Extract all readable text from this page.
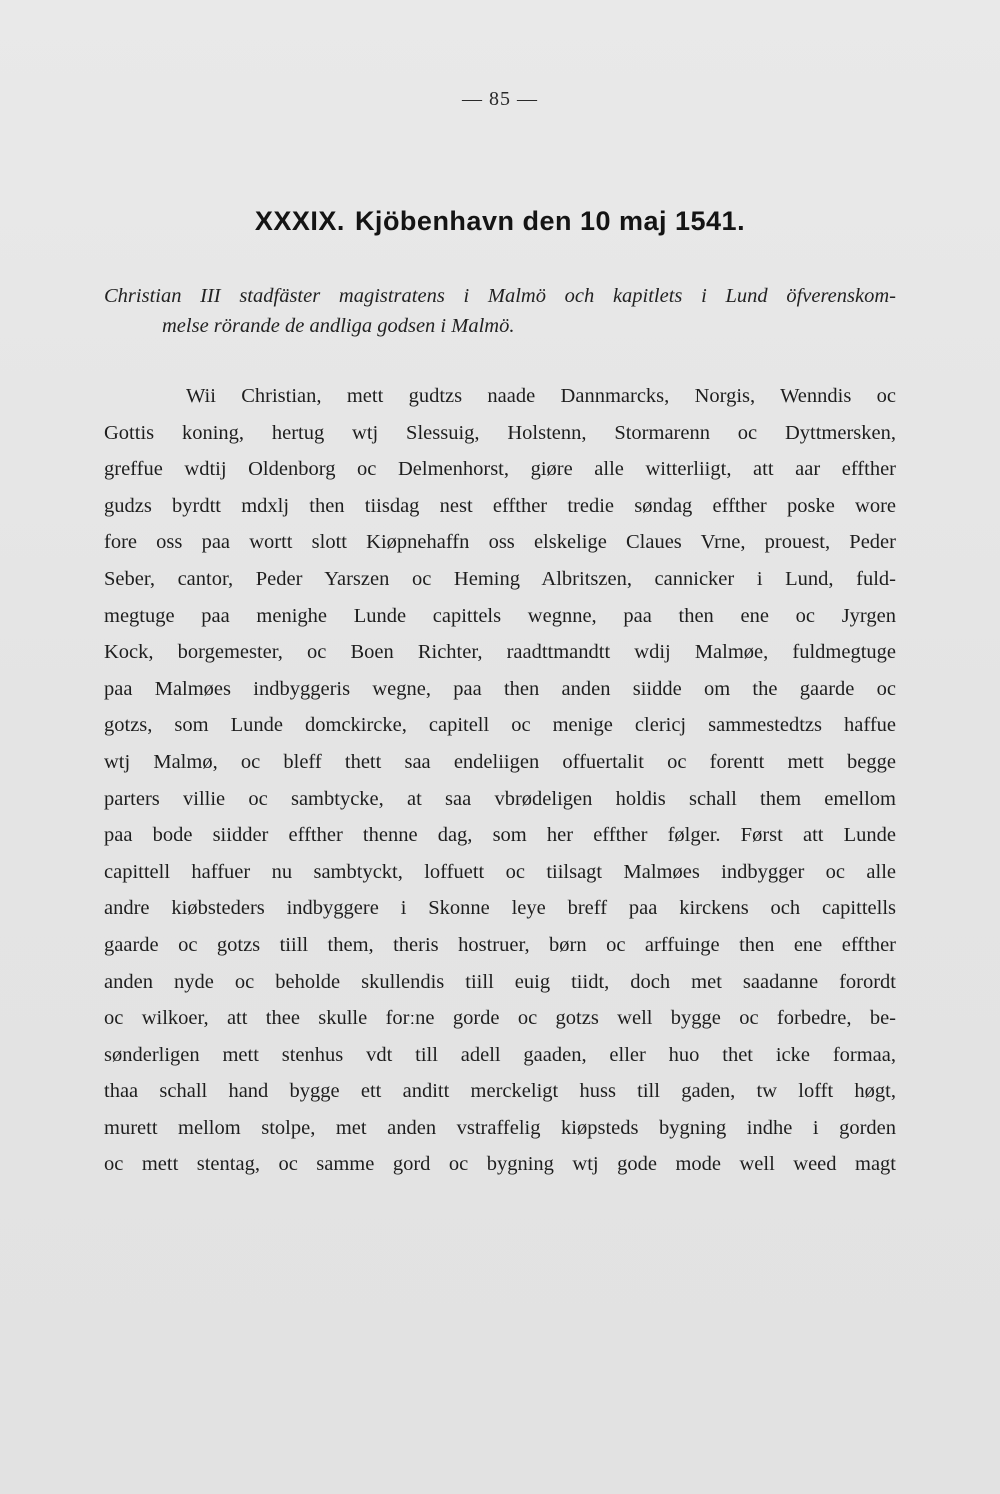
— 85 —
XXXIX. Kjöbenhavn den 10 maj 1541.
Christian III stadfäster magistratens i Malmö och kapitlets i Lund öfverenskom-
melse rörande de andliga godsen i Malmö.
Wii Christian, mett gudtzs naade Dannmarcks, Norgis, Wenndis oc
Gottis koning, hertug wtj Slessuig, Holstenn, Stormarenn oc Dyttmersken,
greffue wdtij Oldenborg oc Delmenhorst, giøre alle witterliigt, att aar effther
gudzs byrdtt mdxlj then tiisdag nest effther tredie søndag effther poske wore
fore oss paa wortt slott Kiøpnehaffn oss elskelige Claues Vrne, prouest, Peder
Seber, cantor, Peder Yarszen oc Heming Albritszen, cannicker i Lund, fuld-
megtuge paa menighe Lunde capittels wegnne, paa then ene oc Jyrgen
Kock, borgemester, oc Boen Richter, raadttmandtt wdij Malmøe, fuldmegtuge
paa Malmøes indbyggeris wegne, paa then anden siidde om the gaarde oc
gotzs, som Lunde domckircke, capitell oc menige clericj sammestedtzs haffue
wtj Malmø, oc bleff thett saa endeliigen offuertalit oc forentt mett begge
parters villie oc sambtycke, at saa vbrødeligen holdis schall them emellom
paa bode siidder effther thenne dag, som her effther følger. Først att Lunde
capittell haffuer nu sambtyckt, loffuett oc tiilsagt Malmøes indbygger oc alle
andre kiøbsteders indbyggere i Skonne leye breff paa kirckens och capittells
gaarde oc gotzs tiill them, theris hostruer, børn oc arffuinge then ene effther
anden nyde oc beholde skullendis tiill euig tiidt, doch met saadanne forordt
oc wilkoer, att thee skulle forːne gorde oc gotzs well bygge oc forbedre, be-
sønderligen mett stenhus vdt till adell gaaden, eller huo thet icke formaa,
thaa schall hand bygge ett anditt merckeligt huss till gaden, tw lofft høgt,
murett mellom stolpe, met anden vstraffelig kiøpsteds bygning indhe i gorden
oc mett stentag, oc samme gord oc bygning wtj gode mode well weed magt
